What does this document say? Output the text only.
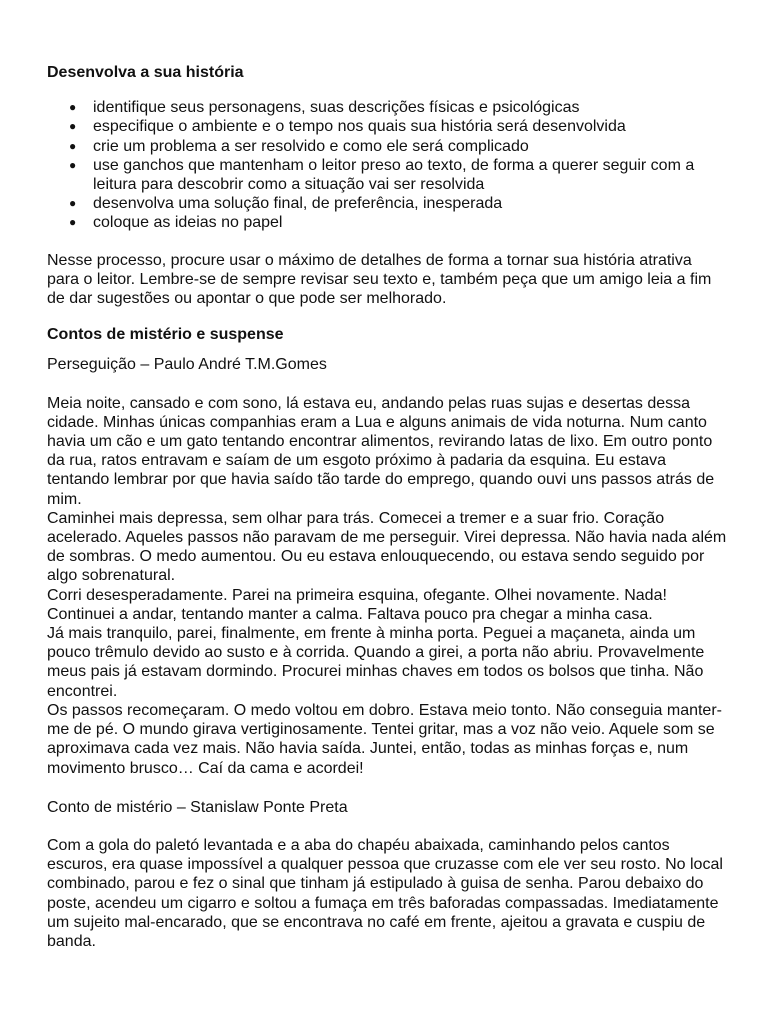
Desenvolva a sua história

● identifique seus personagens, suas descrições físicas e psicológicas
● especifique o ambiente e o tempo nos quais sua história será desenvolvida
● crie um problema a ser resolvido e como ele será complicado
● use ganchos que mantenham o leitor preso ao texto, de forma a querer seguir com a leitura para descobrir como a situação vai ser resolvida
● desenvolva uma solução final, de preferência, inesperada
● coloque as ideias no papel

Nesse processo, procure usar o máximo de detalhes de forma a tornar sua história atrativa para o leitor. Lembre-se de sempre revisar seu texto e, também peça que um amigo leia a fim de dar sugestões ou apontar o que pode ser melhorado.

Contos de mistério e suspense

Perseguição – Paulo André T.M.Gomes

Meia noite, cansado e com sono, lá estava eu, andando pelas ruas sujas e desertas dessa cidade. Minhas únicas companhias eram a Lua e alguns animais de vida noturna. Num canto havia um cão e um gato tentando encontrar alimentos, revirando latas de lixo. Em outro ponto da rua, ratos entravam e saíam de um esgoto próximo à padaria da esquina. Eu estava tentando lembrar por que havia saído tão tarde do emprego, quando ouvi uns passos atrás de mim.

Caminhei mais depressa, sem olhar para trás. Comecei a tremer e a suar frio. Coração acelerado. Aqueles passos não paravam de me perseguir. Virei depressa. Não havia nada além de sombras. O medo aumentou. Ou eu estava enlouquecendo, ou estava sendo seguido por algo sobrenatural.

Corri desesperadamente. Parei na primeira esquina, ofegante. Olhei novamente. Nada! Continuei a andar, tentando manter a calma. Faltava pouco pra chegar a minha casa.

Já mais tranquilo, parei, finalmente, em frente à minha porta. Peguei a maçaneta, ainda um pouco trêmulo devido ao susto e à corrida. Quando a girei, a porta não abriu. Provavelmente meus pais já estavam dormindo. Procurei minhas chaves em todos os bolsos que tinha. Não encontrei.

Os passos recomeçaram. O medo voltou em dobro. Estava meio tonto. Não conseguia manter-me de pé. O mundo girava vertiginosamente. Tentei gritar, mas a voz não veio. Aquele som se aproximava cada vez mais. Não havia saída. Juntei, então, todas as minhas forças e, num movimento brusco… Caí da cama e acordei!

Conto de mistério – Stanislaw Ponte Preta

Com a gola do paletó levantada e a aba do chapéu abaixada, caminhando pelos cantos escuros, era quase impossível a qualquer pessoa que cruzasse com ele ver seu rosto. No local combinado, parou e fez o sinal que tinham já estipulado à guisa de senha. Parou debaixo do poste, acendeu um cigarro e soltou a fumaça em três baforadas compassadas. Imediatamente um sujeito mal-encarado, que se encontrava no café em frente, ajeitou a gravata e cuspiu de banda.
